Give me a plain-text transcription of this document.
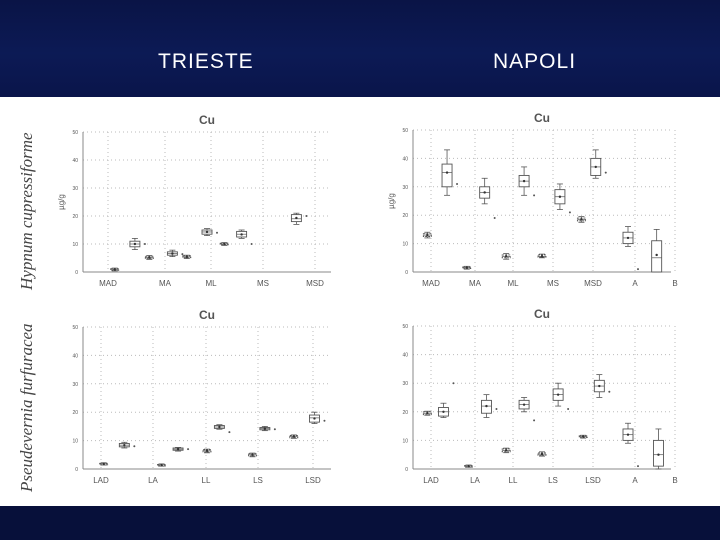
TRIESTE	NAPOLI
Hypnum cupressiforme
Pseudevernia furfuracea
Cu
0
10
20
30
40
50
MAD	MA	ML	MS	MSD
µg/g
Cu
0
10
20
30
40
50
MAD	MA	ML	MS	MSD	A	B
µg/g
Cu
0
10
20
30
40
50
LAD	LA	LL	LS	LSD
Cu
0
10
20
30
40
50
LAD	LA	LL	LS	LSD	A	B
